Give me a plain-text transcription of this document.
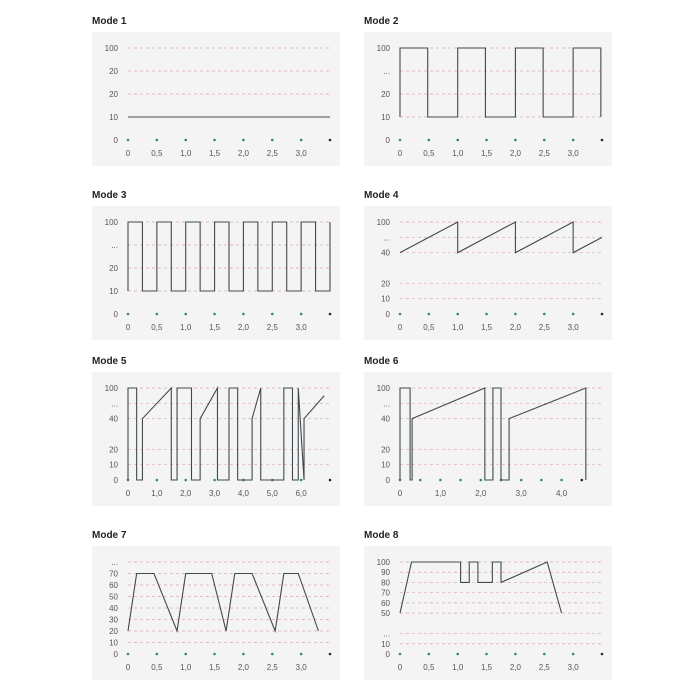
Mode 1
0
10
20
20
100
0	0,5 1,0 1,5 2,0 2,5 3,0
Mode 2
0
10
20
...
100
0	0,5 1,0 1,5 2,0 2,5 3,0
Mode 3
0
10
20
...
100
0	0,5 1,0 1,5 2,0 2,5 3,0
Mode 4
0
10
20
40
...
100
0	0,5 1,0 1,5 2,0 2,5 3,0
Mode 5
0
10
20
40
...
100
0	1,0 2,0 3,0 4,0 5,0 6,0
Mode 6
0
10
20
40
...
100
0	1,0	2,0	3,0	4,0
Mode 7
0
10
20
30
40
50
60
70
...
0	0,5 1,0 1,5 2,0 2,5 3,0
Mode 8
0
10
...
50
60
70
80
90
100
0	0,5 1,0 1,5 2,0 2,5 3,0
